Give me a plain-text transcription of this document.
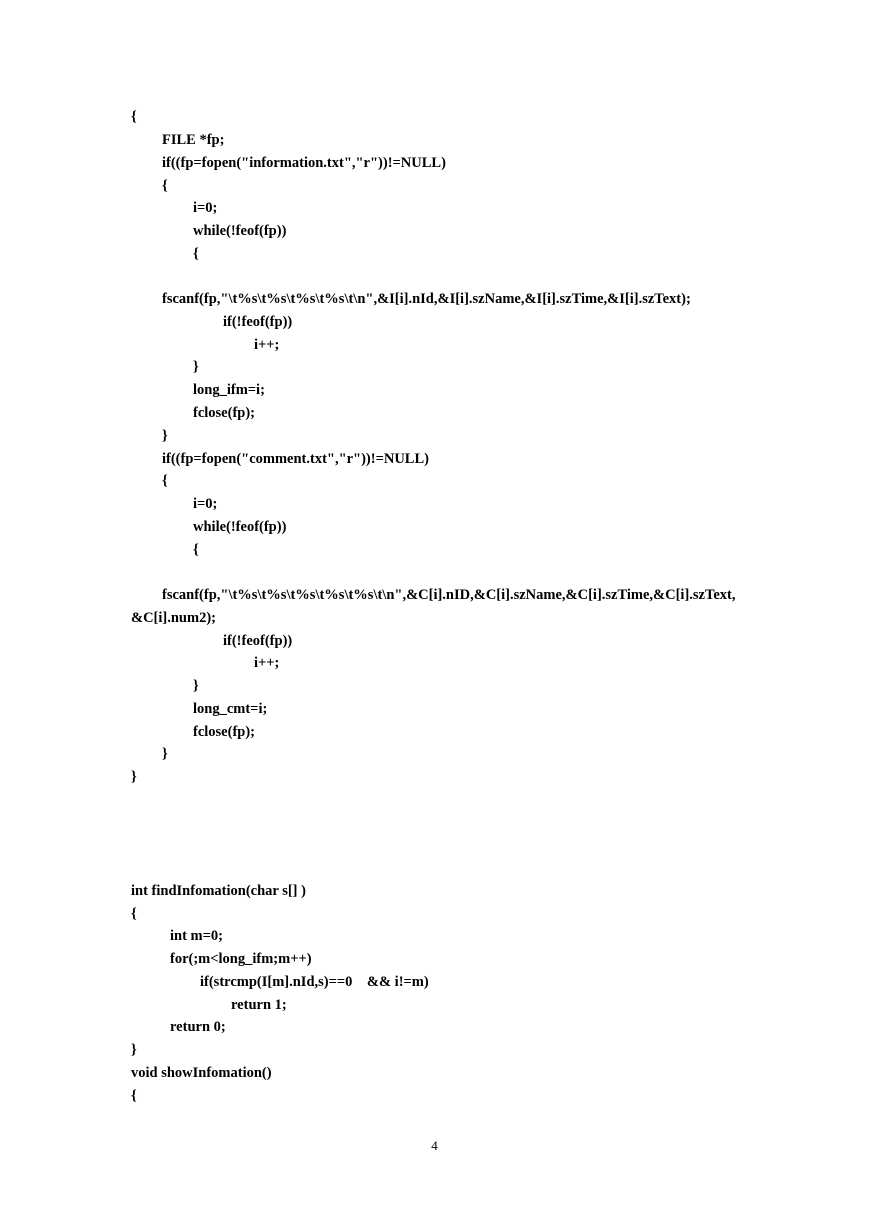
{
FILE *fp;
if((fp=fopen("information.txt","r"))!=NULL)
{
i=0;
while(!feof(fp))
{
fscanf(fp,"\t%s\t%s\t%s\t%s\t\n",&I[i].nId,&I[i].szName,&I[i].szTime,&I[i].szText);
if(!feof(fp))
i++;
}
long_ifm=i;
fclose(fp);
}
if((fp=fopen("comment.txt","r"))!=NULL)
{
i=0;
while(!feof(fp))
{
fscanf(fp,"\t%s\t%s\t%s\t%s\t%s\t\n",&C[i].nID,&C[i].szName,&C[i].szTime,&C[i].szText,
&C[i].num2);
if(!feof(fp))
i++;
}
long_cmt=i;
fclose(fp);
}
}
int findInfomation(char s[] )
{
int m=0;
for(;m<long_ifm;m++)
if(strcmp(I[m].nId,s)==0    && i!=m)
return 1;
return 0;
}
void showInfomation()
{
4
